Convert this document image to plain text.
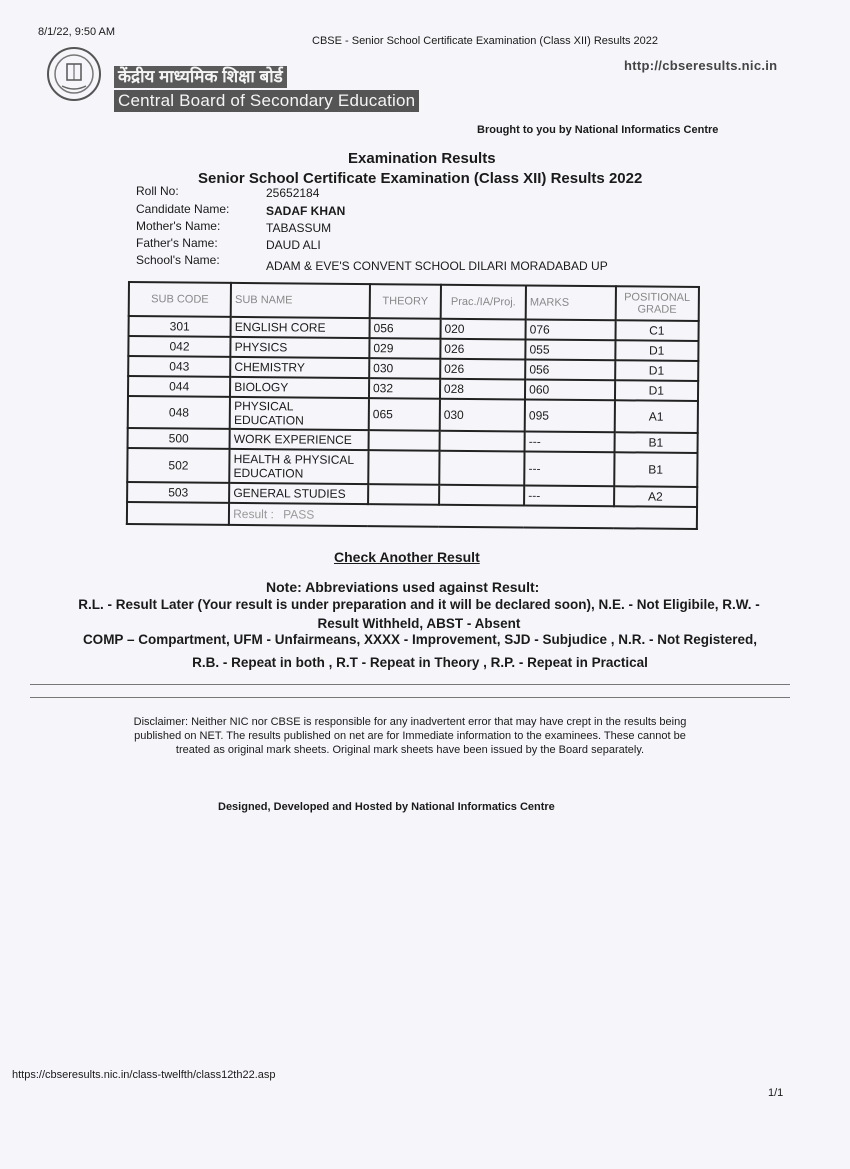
8/1/22, 9:50 AM
CBSE - Senior School Certificate Examination (Class XII) Results 2022
http://cbseresults.nic.in
केंद्रीय माध्यमिक शिक्षा बोर्ड
Central Board of Secondary Education
Brought to you by National Informatics Centre
Examination Results
Senior School Certificate Examination (Class XII) Results 2022
Roll No:	25652184
Candidate Name:	SADAF KHAN
Mother's Name:	TABASSUM
Father's Name:	DAUD ALI
School's Name:	ADAM & EVE'S CONVENT SCHOOL DILARI MORADABAD UP
SUB CODE	SUB NAME	THEORY	Prac./IA/Proj.	MARKS	POSITIONAL GRADE
301	ENGLISH CORE	056	020	076	C1
042	PHYSICS	029	026	055	D1
043	CHEMISTRY	030	026	056	D1
044	BIOLOGY	032	028	060	D1
048	PHYSICAL EDUCATION	065	030	095	A1
500	WORK EXPERIENCE			---	B1
502	HEALTH & PHYSICAL EDUCATION			---	B1
503	GENERAL STUDIES			---	A2
	Result : PASS				
Check Another Result
Note: Abbreviations used against Result:
R.L. - Result Later (Your result is under preparation and it will be declared soon), N.E. - Not Eligibile, R.W. -
Result Withheld, ABST - Absent
COMP – Compartment, UFM - Unfairmeans, XXXX - Improvement, SJD - Subjudice , N.R. - Not Registered,
R.B. - Repeat in both , R.T - Repeat in Theory , R.P. - Repeat in Practical
Disclaimer: Neither NIC nor CBSE is responsible for any inadvertent error that may have crept in the results being published on NET. The results published on net are for Immediate information to the examinees. These cannot be treated as original mark sheets. Original mark sheets have been issued by the Board separately.
Designed, Developed and Hosted by National Informatics Centre
https://cbseresults.nic.in/class-twelfth/class12th22.asp
1/1
